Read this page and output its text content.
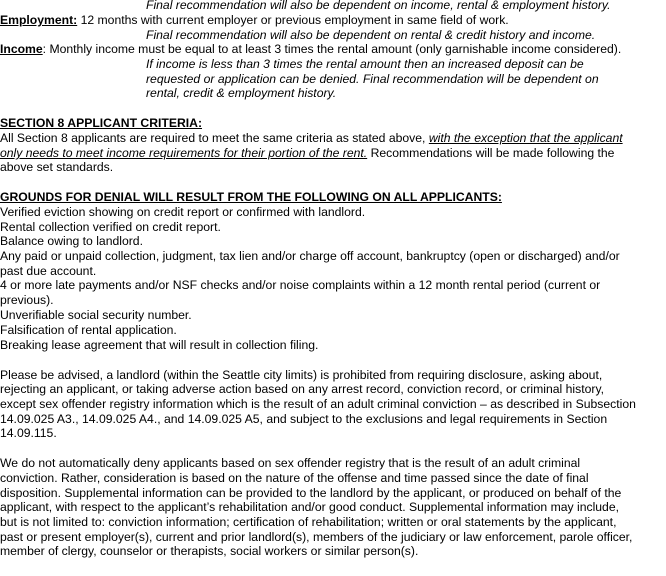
Final recommendation will also be dependent on income, rental & employment history.
Employment: 12 months with current employer or previous employment in same field of work.
Final recommendation will also be dependent on rental & credit history and income.
Income: Monthly income must be equal to at least 3 times the rental amount (only garnishable income considered).
If income is less than 3 times the rental amount then an increased deposit can be
requested or application can be denied. Final recommendation will be dependent on
rental, credit & employment history.
SECTION 8 APPLICANT CRITERIA:
All Section 8 applicants are required to meet the same criteria as stated above, with the exception that the applicant
only needs to meet income requirements for their portion of the rent. Recommendations will be made following the
above set standards.
GROUNDS FOR DENIAL WILL RESULT FROM THE FOLLOWING ON ALL APPLICANTS:
Verified eviction showing on credit report or confirmed with landlord.
Rental collection verified on credit report.
Balance owing to landlord.
Any paid or unpaid collection, judgment, tax lien and/or charge off account, bankruptcy (open or discharged) and/or
past due account.
4 or more late payments and/or NSF checks and/or noise complaints within a 12 month rental period (current or
previous).
Unverifiable social security number.
Falsification of rental application.
Breaking lease agreement that will result in collection filing.
Please be advised, a landlord (within the Seattle city limits) is prohibited from requiring disclosure, asking about,
rejecting an applicant, or taking adverse action based on any arrest record, conviction record, or criminal history,
except sex offender registry information which is the result of an adult criminal conviction – as described in Subsection
14.09.025 A3., 14.09.025 A4., and 14.09.025 A5, and subject to the exclusions and legal requirements in Section
14.09.115.
We do not automatically deny applicants based on sex offender registry that is the result of an adult criminal
conviction. Rather, consideration is based on the nature of the offense and time passed since the date of final
disposition. Supplemental information can be provided to the landlord by the applicant, or produced on behalf of the
applicant, with respect to the applicant’s rehabilitation and/or good conduct. Supplemental information may include,
but is not limited to: conviction information; certification of rehabilitation; written or oral statements by the applicant,
past or present employer(s), current and prior landlord(s), members of the judiciary or law enforcement, parole officer,
member of clergy, counselor or therapists, social workers or similar person(s).
